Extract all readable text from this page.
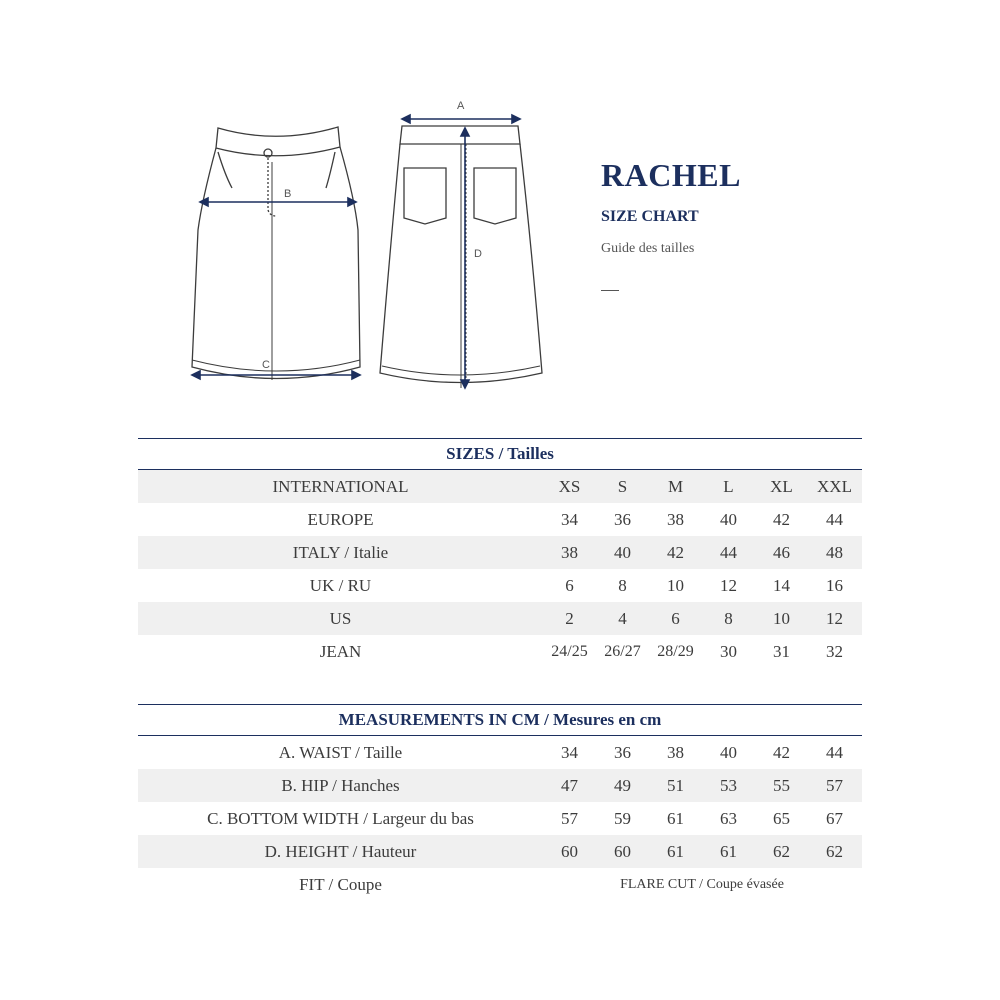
B
C
A
D
RACHEL
SIZE CHART
Guide des tailles
SIZES / Tailles
INTERNATIONAL	XS	S	M	L	XL	XXL
EUROPE	34	36	38	40	42	44
ITALY / Italie	38	40	42	44	46	48
UK / RU	6	8	10	12	14	16
US	2	4	6	8	10	12
JEAN	24/25	26/27	28/29	30	31	32
MEASUREMENTS IN CM / Mesures en cm
A. WAIST / Taille	34	36	38	40	42	44
B. HIP / Hanches	47	49	51	53	55	57
C. BOTTOM WIDTH / Largeur du bas	57	59	61	63	65	67
D. HEIGHT / Hauteur	60	60	61	61	62	62
FIT / Coupe	FLARE CUT / Coupe évasée
